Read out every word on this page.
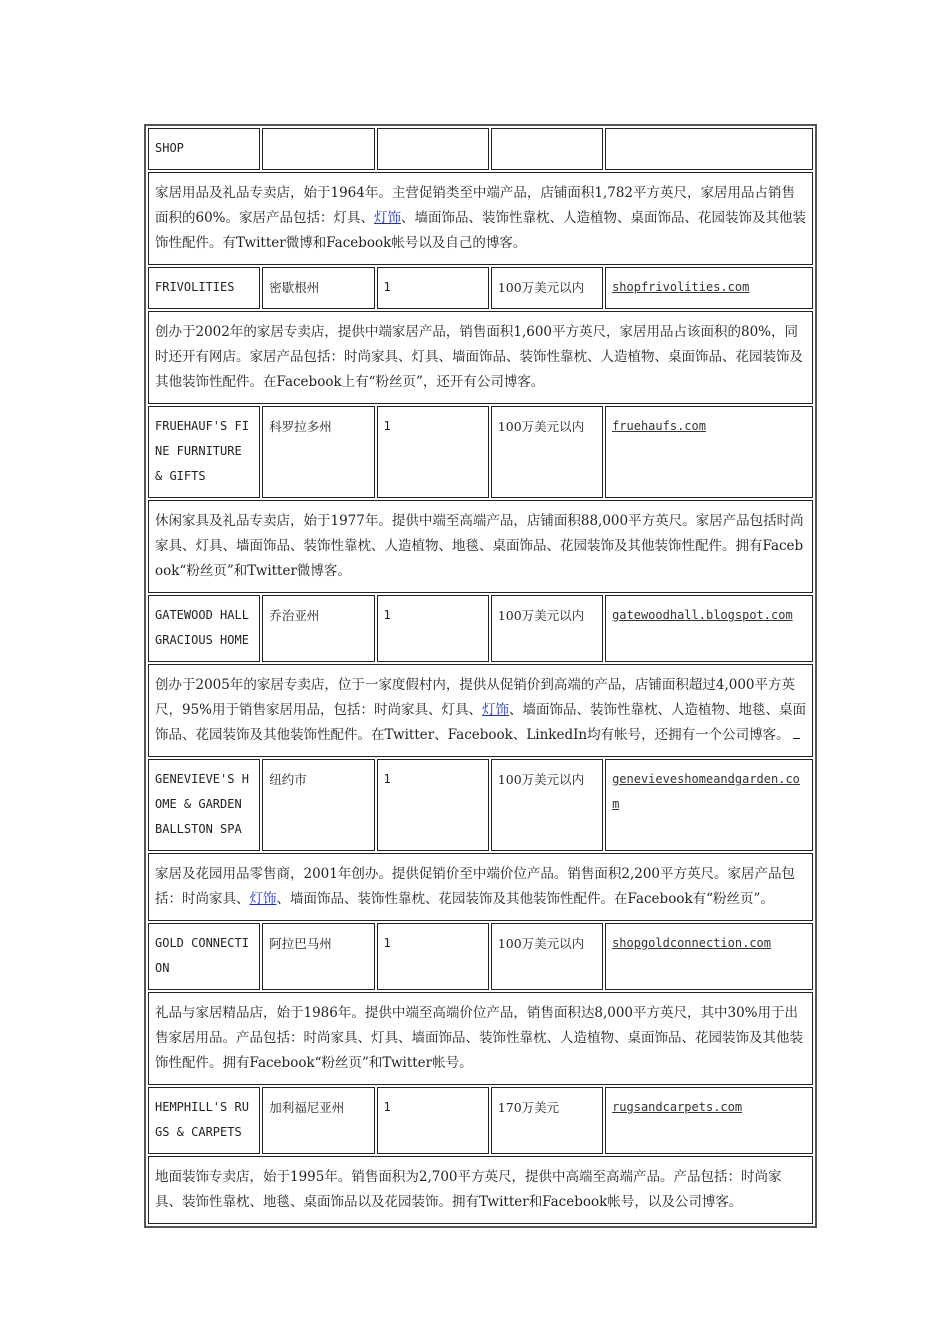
SHOP				
家居用品及礼品专卖店，始于1964年。主营促销类至中端产品，店铺面积1,782平方英尺，家居用品占销售面积的60%。家居产品包括：灯具、灯饰、墙面饰品、装饰性靠枕、人造植物、桌面饰品、花园装饰及其他装饰性配件。有Twitter微博和Facebook帐号以及自己的博客。				
FRIVOLITIES	密歇根州	1	100万美元以内	shopfrivolities.com
创办于2002年的家居专卖店，提供中端家居产品，销售面积1,600平方英尺，家居用品占该面积的80%，同时还开有网店。家居产品包括：时尚家具、灯具、墙面饰品、装饰性靠枕、人造植物、桌面饰品、花园装饰及其他装饰性配件。在Facebook上有“粉丝页”，还开有公司博客。				
FRUEHAUF'S FINE FURNITURE & GIFTS	科罗拉多州	1	100万美元以内	fruehaufs.com
休闲家具及礼品专卖店，始于1977年。提供中端至高端产品，店铺面积88,000平方英尺。家居产品包括时尚家具、灯具、墙面饰品、装饰性靠枕、人造植物、地毯、桌面饰品、花园装饰及其他装饰性配件。拥有Facebook“粉丝页”和Twitter微博客。				
GATEWOOD HALL GRACIOUS HOME	乔治亚州	1	100万美元以内	gatewoodhall.blogspot.com
创办于2005年的家居专卖店，位于一家度假村内，提供从促销价到高端的产品，店铺面积超过4,000平方英尺，95%用于销售家居用品，包括：时尚家具、灯具、灯饰、墙面饰品、装饰性靠枕、人造植物、地毯、桌面饰品、花园装饰及其他装饰性配件。在Twitter、Facebook、LinkedIn均有帐号，还拥有一个公司博客。				
GENEVIEVE'S HOME & GARDEN BALLSTON SPA	纽约市	1	100万美元以内	genevieveshomeandgarden.com
家居及花园用品零售商，2001年创办。提供促销价至中端价位产品。销售面积2,200平方英尺。家居产品包括：时尚家具、灯饰、墙面饰品、装饰性靠枕、花园装饰及其他装饰性配件。在Facebook有“粉丝页”。				
GOLD CONNECTION	阿拉巴马州	1	100万美元以内	shopgoldconnection.com
礼品与家居精品店，始于1986年。提供中端至高端价位产品，销售面积达8,000平方英尺，其中30%用于出售家居用品。产品包括：时尚家具、灯具、墙面饰品、装饰性靠枕、人造植物、桌面饰品、花园装饰及其他装饰性配件。拥有Facebook“粉丝页”和Twitter帐号。				
HEMPHILL'S RUGS & CARPETS	加利福尼亚州	1	170万美元	rugsandcarpets.com
地面装饰专卖店，始于1995年。销售面积为2,700平方英尺，提供中高端至高端产品。产品包括：时尚家具、装饰性靠枕、地毯、桌面饰品以及花园装饰。拥有Twitter和Facebook帐号，以及公司博客。				
